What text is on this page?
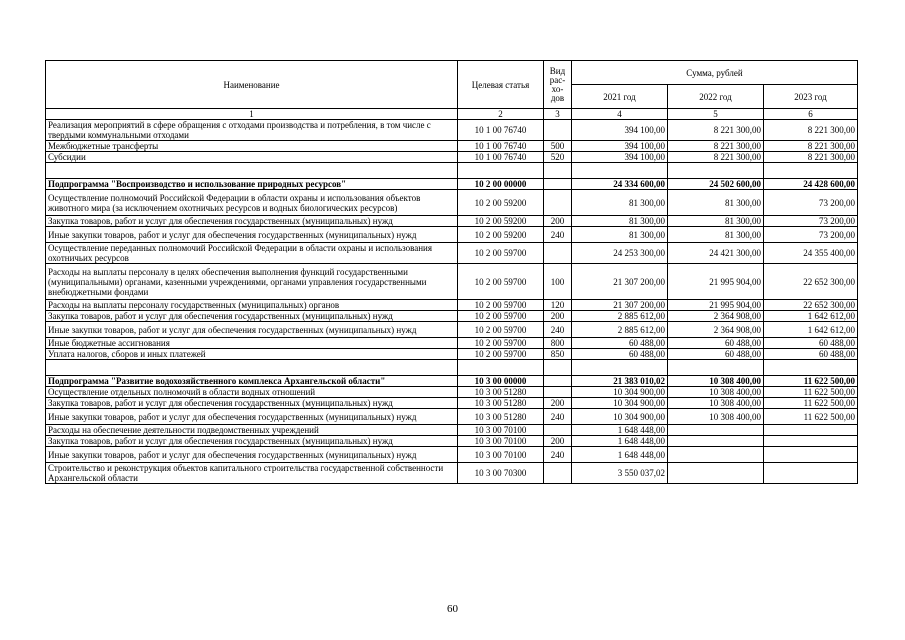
Наименование	Целевая статья	Вид рас-хо-дов	Сумма, рублей		
			2021 год	2022 год	2023 год
1	2	3	4	5	6
Реализация мероприятий в сфере обращения с отходами производства и потребления, в том числе с твердыми коммунальными отходами	10 1 00 76740		394 100,00	8 221 300,00	8 221 300,00
Межбюджетные трансферты	10 1 00 76740	500	394 100,00	8 221 300,00	8 221 300,00
Субсидии	10 1 00 76740	520	394 100,00	8 221 300,00	8 221 300,00

Подпрограмма "Воспроизводство и использование природных ресурсов"	10 2 00 00000		24 334 600,00	24 502 600,00	24 428 600,00
Осуществление полномочий Российской Федерации в области охраны и использования объектов животного мира (за исключением охотничьих ресурсов и водных биологических ресурсов)	10 2 00 59200		81 300,00	81 300,00	73 200,00
Закупка товаров, работ и услуг для обеспечения государственных (муниципальных) нужд	10 2 00 59200	200	81 300,00	81 300,00	73 200,00
Иные закупки товаров, работ и услуг для обеспечения государственных (муниципальных) нужд	10 2 00 59200	240	81 300,00	81 300,00	73 200,00
Осуществление переданных полномочий Российской Федерации в области охраны и использования охотничьих ресурсов	10 2 00 59700		24 253 300,00	24 421 300,00	24 355 400,00
Расходы на выплаты персоналу в целях обеспечения выполнения функций государственными (муниципальными) органами, казенными учреждениями, органами управления государственными внебюджетными фондами	10 2 00 59700	100	21 307 200,00	21 995 904,00	22 652 300,00
Расходы на выплаты персоналу государственных (муниципальных) органов	10 2 00 59700	120	21 307 200,00	21 995 904,00	22 652 300,00
Закупка товаров, работ и услуг для обеспечения государственных (муниципальных) нужд	10 2 00 59700	200	2 885 612,00	2 364 908,00	1 642 612,00
Иные закупки товаров, работ и услуг для обеспечения государственных (муниципальных) нужд	10 2 00 59700	240	2 885 612,00	2 364 908,00	1 642 612,00
Иные бюджетные ассигнования	10 2 00 59700	800	60 488,00	60 488,00	60 488,00
Уплата налогов, сборов и иных платежей	10 2 00 59700	850	60 488,00	60 488,00	60 488,00

Подпрограмма "Развитие водохозяйственного комплекса Архангельской области"	10 3 00 00000		21 383 010,02	10 308 400,00	11 622 500,00
Осуществление отдельных полномочий в области водных отношений	10 3 00 51280		10 304 900,00	10 308 400,00	11 622 500,00
Закупка товаров, работ и услуг для обеспечения государственных (муниципальных) нужд	10 3 00 51280	200	10 304 900,00	10 308 400,00	11 622 500,00
Иные закупки товаров, работ и услуг для обеспечения государственных (муниципальных) нужд	10 3 00 51280	240	10 304 900,00	10 308 400,00	11 622 500,00
Расходы на обеспечение деятельности подведомственных учреждений	10 3 00 70100		1 648 448,00		
Закупка товаров, работ и услуг для обеспечения государственных (муниципальных) нужд	10 3 00 70100	200	1 648 448,00		
Иные закупки товаров, работ и услуг для обеспечения государственных (муниципальных) нужд	10 3 00 70100	240	1 648 448,00		
Строительство и реконструкция объектов капитального строительства государственной собственности Архангельской области	10 3 00 70300		3 550 037,02		
60
